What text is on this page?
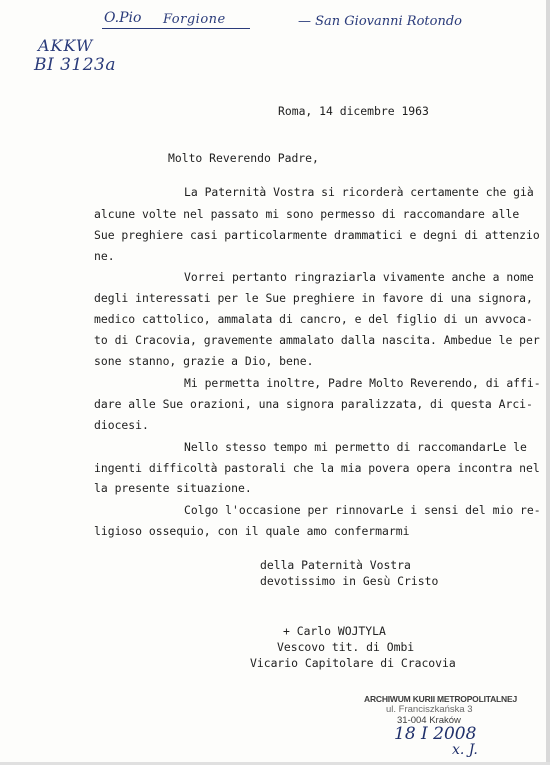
O.Pio Forgione	— San Giovanni Rotondo
AKKW
BI 3123a
Roma, 14 dicembre 1963
Molto Reverendo Padre,
La Paternità Vostra si ricorderà certamente che già
alcune volte nel passato mi sono permesso di raccomandare alle
Sue preghiere casi particolarmente drammatici e degni di attenzio
ne.
Vorrei pertanto ringraziarla vivamente anche a nome
degli interessati per le Sue preghiere in favore di una signora,
medico cattolico, ammalata di cancro, e del figlio di un avvoca-
to di Cracovia, gravemente ammalato dalla nascita. Ambedue le per
sone stanno, grazie a Dio, bene.
Mi permetta inoltre, Padre Molto Reverendo, di affi-
dare alle Sue orazioni, una signora paralizzata, di questa Arci-
diocesi.
Nello stesso tempo mi permetto di raccomandarLe le
ingenti difficoltà pastorali che la mia povera opera incontra nel
la presente situazione.
Colgo l'occasione per rinnovarLe i sensi del mio re-
ligioso ossequio, con il quale amo confermarmi
della Paternità Vostra
devotissimo in Gesù Cristo
+ Carlo WOJTYLA
Vescovo tit. di Ombi
Vicario Capitolare di Cracovia
ARCHIWUM KURII METROPOLITALNEJ
ul. Franciszkańska 3
31-004 Kraków
18 I 2008
x. J.
